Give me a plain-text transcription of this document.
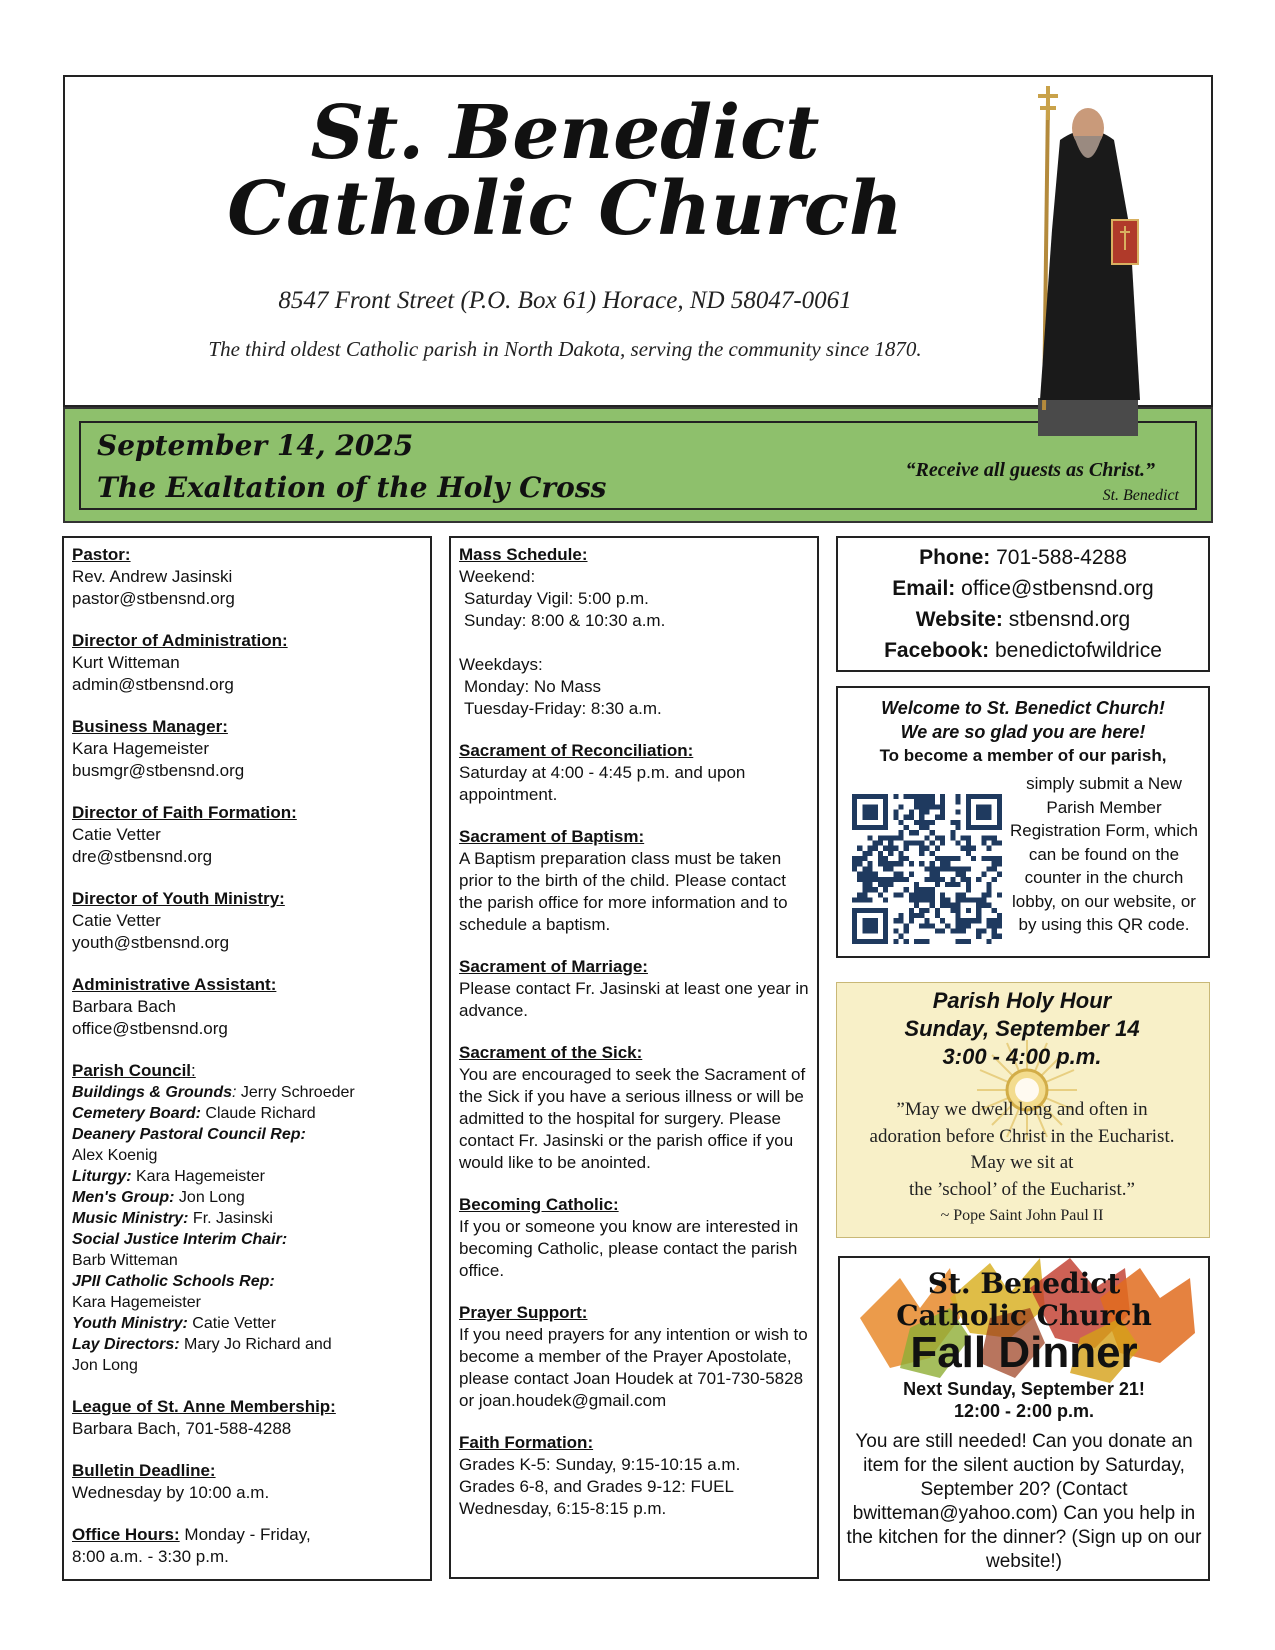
St. Benedict
Catholic Church
8547 Front Street (P.O. Box 61) Horace, ND 58047-0061
The third oldest Catholic parish in North Dakota, serving the community since 1870.
September 14, 2025
The Exaltation of the Holy Cross
“Receive all guests as Christ.”
St. Benedict
Pastor:
Rev. Andrew Jasinski
pastor@stbensnd.org
Director of Administration:
Kurt Witteman
admin@stbensnd.org
Business Manager:
Kara Hagemeister
busmgr@stbensnd.org
Director of Faith Formation:
Catie Vetter
dre@stbensnd.org
Director of Youth Ministry:
Catie Vetter
youth@stbensnd.org
Administrative Assistant:
Barbara Bach
office@stbensnd.org
Parish Council:
Buildings & Grounds: Jerry Schroeder
Cemetery Board: Claude Richard
Deanery Pastoral Council Rep:
Alex Koenig
Liturgy: Kara Hagemeister
Men's Group: Jon Long
Music Ministry: Fr. Jasinski
Social Justice Interim Chair:
Barb Witteman
JPII Catholic Schools Rep:
Kara Hagemeister
Youth Ministry: Catie Vetter
Lay Directors: Mary Jo Richard and
Jon Long
League of St. Anne Membership:
Barbara Bach, 701-588-4288
Bulletin Deadline:
Wednesday by 10:00 a.m.
Office Hours: Monday - Friday,
8:00 a.m. - 3:30 p.m.
Mass Schedule:
Weekend:
Saturday Vigil: 5:00 p.m.
Sunday: 8:00 & 10:30 a.m.
Weekdays:
Monday: No Mass
Tuesday-Friday: 8:30 a.m.
Sacrament of Reconciliation:
Saturday at 4:00 - 4:45 p.m. and upon appointment.
Sacrament of Baptism:
A Baptism preparation class must be taken prior to the birth of the child. Please contact the parish office for more information and to schedule a baptism.
Sacrament of Marriage:
Please contact Fr. Jasinski at least one year in advance.
Sacrament of the Sick:
You are encouraged to seek the Sacrament of the Sick if you have a serious illness or will be admitted to the hospital for surgery. Please contact Fr. Jasinski or the parish office if you would like to be anointed.
Becoming Catholic:
If you or someone you know are interested in becoming Catholic, please contact the parish office.
Prayer Support:
If you need prayers for any intention or wish to become a member of the Prayer Apostolate, please contact Joan Houdek at 701-730-5828
or joan.houdek@gmail.com
Faith Formation:
Grades K-5: Sunday, 9:15-10:15 a.m.
Grades 6-8, and Grades 9-12: FUEL
Wednesday, 6:15-8:15 p.m.
Phone: 701-588-4288
Email: office@stbensnd.org
Website: stbensnd.org
Facebook: benedictofwildrice
Welcome to St. Benedict Church!
We are so glad you are here!
To become a member of our parish,
simply submit a New Parish Member Registration Form, which can be found on the counter in the church lobby, on our website, or by using this QR code.
Parish Holy Hour
Sunday, September 14
3:00 - 4:00 p.m.
”May we dwell long and often in
adoration before Christ in the Eucharist.
May we sit at
the ’school’ of the Eucharist.”
~ Pope Saint John Paul II
St. Benedict
Catholic Church
Fall Dinner
Next Sunday, September 21!
12:00 - 2:00 p.m.
You are still needed! Can you donate an item for the silent auction by Saturday, September 20? (Contact bwitteman@yahoo.com) Can you help in the kitchen for the dinner? (Sign up on our website!)
